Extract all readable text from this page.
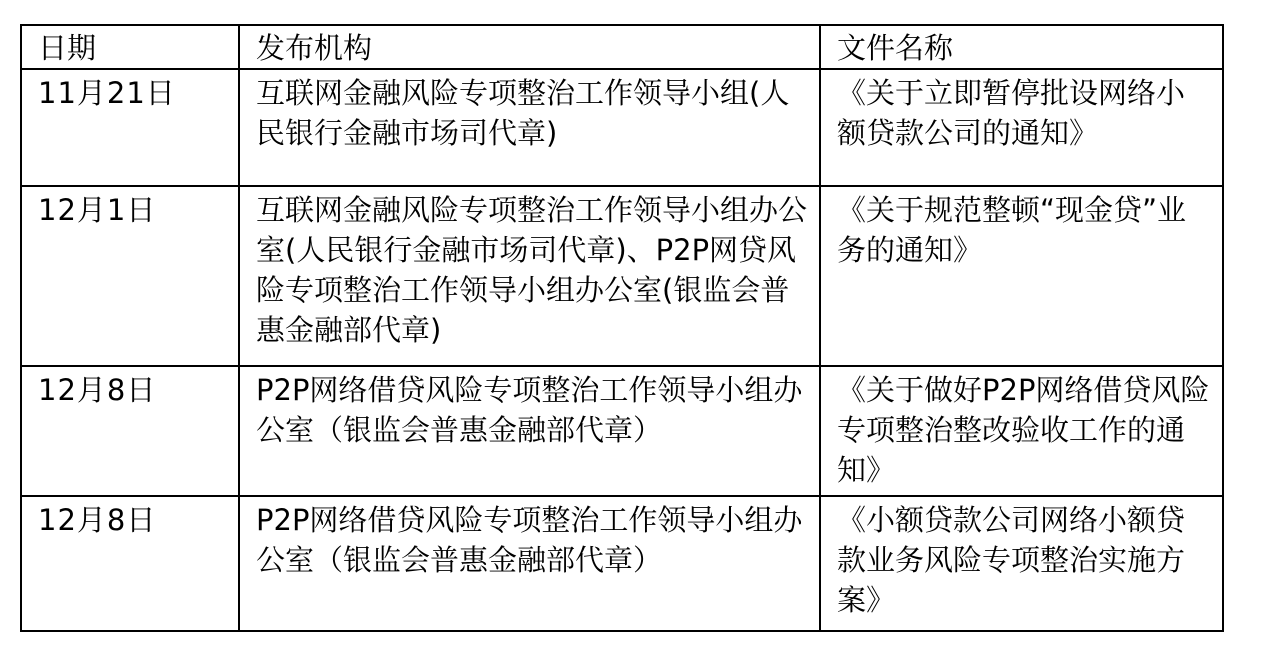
日期	发布机构	文件名称
11月21日	互联网金融风险专项整治工作领导小组(人民银行金融市场司代章)	《关于立即暂停批设网络小额贷款公司的通知》
12月1日	互联网金融风险专项整治工作领导小组办公室(人民银行金融市场司代章)、P2P网贷风险专项整治工作领导小组办公室(银监会普惠金融部代章)	《关于规范整顿“现金贷”业务的通知》
12月8日	P2P网络借贷风险专项整治工作领导小组办公室（银监会普惠金融部代章）	《关于做好P2P网络借贷风险专项整治整改验收工作的通知》
12月8日	P2P网络借贷风险专项整治工作领导小组办公室（银监会普惠金融部代章）	《小额贷款公司网络小额贷款业务风险专项整治实施方案》
